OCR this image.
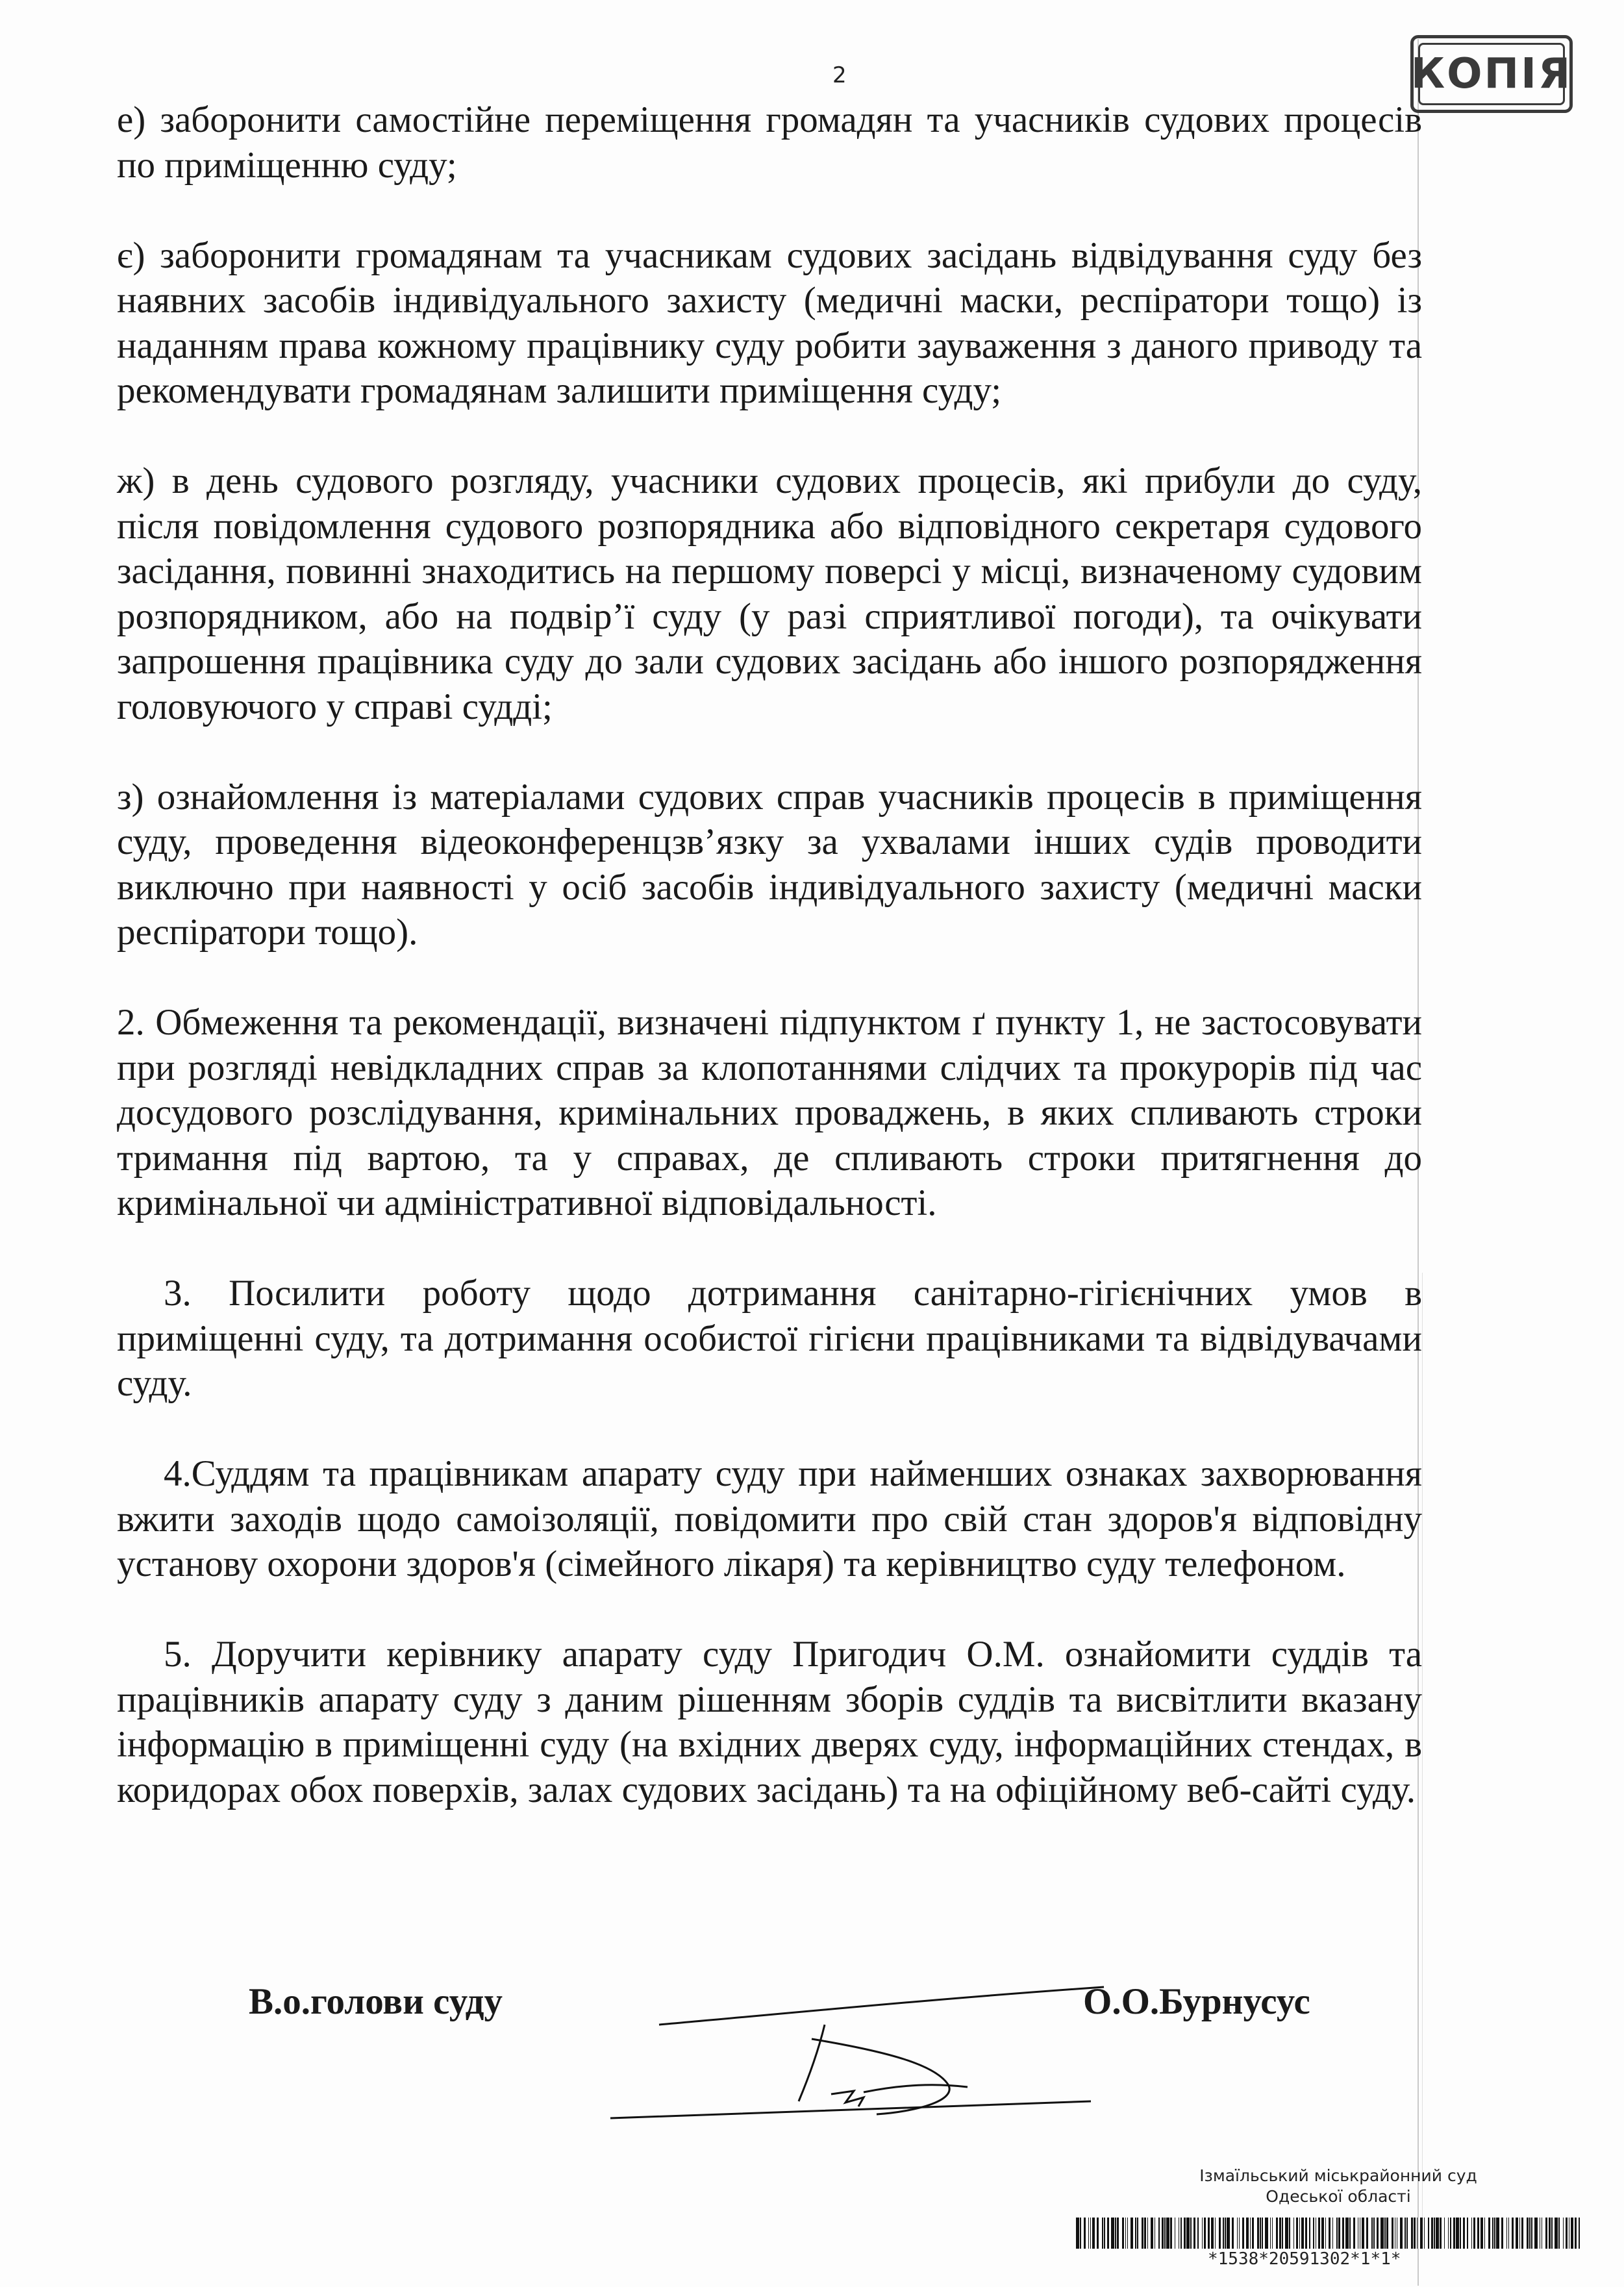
2	КОПІЯ

е) заборонити самостійне переміщення громадян та учасників судових процесів по приміщенню суду;

є) заборонити громадянам та учасникам судових засідань відвідування суду без наявних засобів індивідуального захисту (медичні маски, респіратори тощо) із наданням права кожному працівнику суду робити зауваження з даного приводу та рекомендувати громадянам залишити приміщення суду;

ж) в день судового розгляду, учасники судових процесів, які прибули до суду, після повідомлення судового розпорядника або відповідного секретаря судового засідання, повинні знаходитись на першому поверсі у місці, визначеному судовим розпорядником, або на подвір’ї суду (у разі сприятливої погоди), та очікувати запрошення працівника суду до зали судових засідань або іншого розпорядження головуючого у справі судді;

з) ознайомлення із матеріалами судових справ учасників процесів в приміщення суду, проведення відеоконференцзв’язку за ухвалами інших судів проводити виключно при наявності у осіб засобів індивідуального захисту (медичні маски респіратори тощо).

2. Обмеження та рекомендації, визначені підпунктом ґ пункту 1, не застосовувати при розгляді невідкладних справ за клопотаннями слідчих та прокурорів під час досудового розслідування, кримінальних проваджень, в яких спливають строки тримання під вартою, та у справах, де спливають строки притягнення до кримінальної чи адміністративної відповідальності.

3. Посилити роботу щодо дотримання санітарно-гігієнічних умов в приміщенні суду, та дотримання особистої гігієни працівниками та відвідувачами суду.

4.Суддям та працівникам апарату суду при найменших ознаках захворювання вжити заходів щодо самоізоляції, повідомити про свій стан здоров'я відповідну установу охорони здоров'я (сімейного лікаря) та керівництво суду телефоном.

5. Доручити керівнику апарату суду Пригодич О.М. ознайомити суддів та працівників апарату суду з даним рішенням зборів суддів та висвітлити вказану інформацію в приміщенні суду (на вхідних дверях суду, інформаційних стендах, в коридорах обох поверхів, залах судових засідань) та на офіційному веб-сайті суду.

В.о.голови суду	О.О.Бурнусус
Ізмаїльський міськрайонний суд
Одеської області
*1538*20591302*1*1*
